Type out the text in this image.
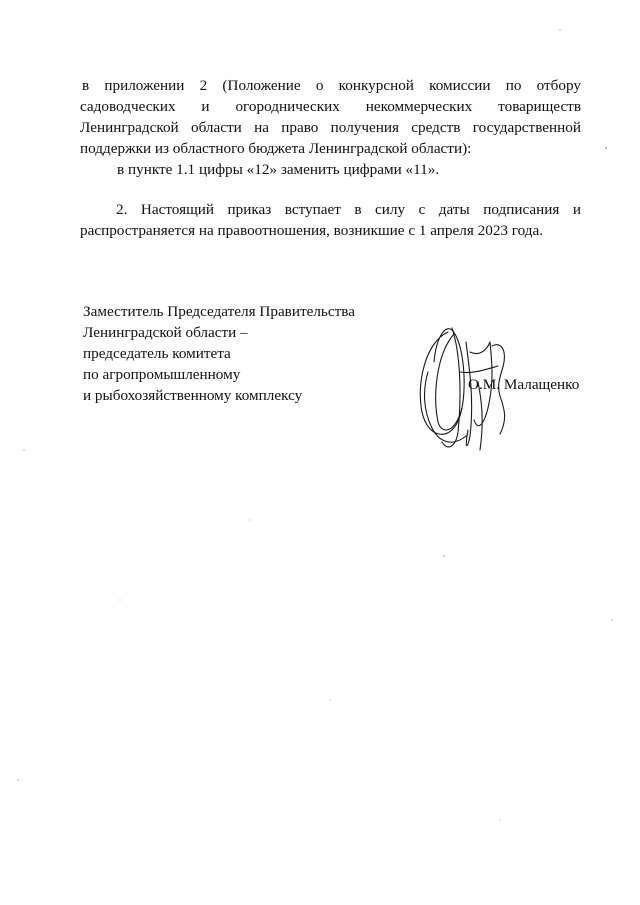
в приложении 2 (Положение о конкурсной комиссии по отбору садоводческих и огороднических некоммерческих товариществ Ленинградской области на право получения средств государственной поддержки из областного бюджета Ленинградской области):

в пункте 1.1 цифры «12» заменить цифрами «11».

2. Настоящий приказ вступает в силу с даты подписания и распространяется на правоотношения, возникшие с 1 апреля 2023 года.

Заместитель Председателя Правительства
Ленинградской области –
председатель комитета
по агропромышленному
и рыбохозяйственному комплексу
О.М. Малащенко
